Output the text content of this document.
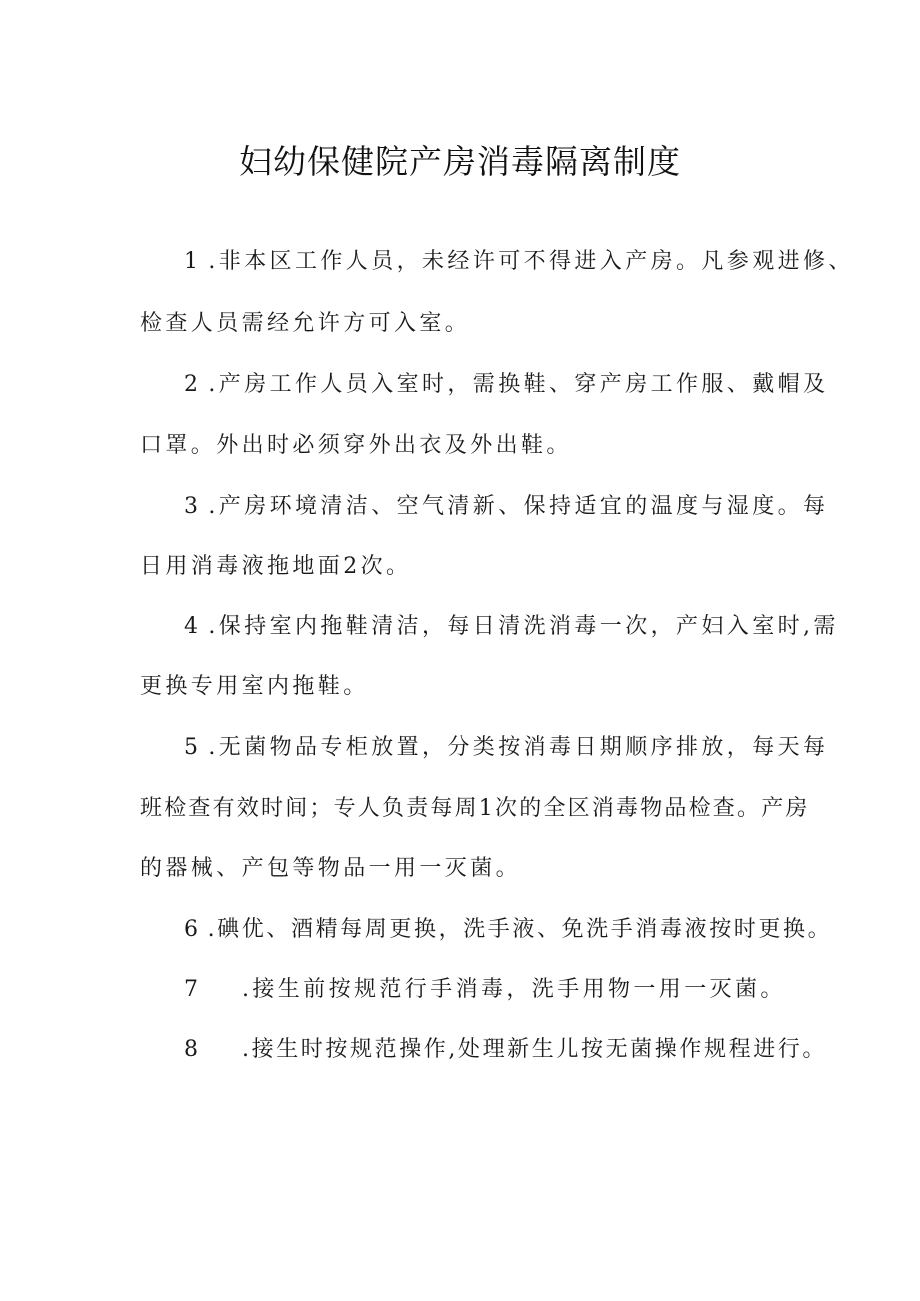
妇幼保健院产房消毒隔离制度
1 .非本区工作人员，未经许可不得进入产房。凡参观进修、
检查人员需经允许方可入室。
2 .产房工作人员入室时，需换鞋、穿产房工作服、戴帽及
口罩。外出时必须穿外出衣及外出鞋。
3 .产房环境清洁、空气清新、保持适宜的温度与湿度。每
日用消毒液拖地面2次。
4 .保持室内拖鞋清洁，每日清洗消毒一次，产妇入室时,需
更换专用室内拖鞋。
5 .无菌物品专柜放置，分类按消毒日期顺序排放，每天每
班检查有效时间；专人负责每周1次的全区消毒物品检查。产房
的器械、产包等物品一用一灭菌。
6 .碘优、酒精每周更换，洗手液、免洗手消毒液按时更换。
7 .接生前按规范行手消毒，洗手用物一用一灭菌。
8 .接生时按规范操作,处理新生儿按无菌操作规程进行。
